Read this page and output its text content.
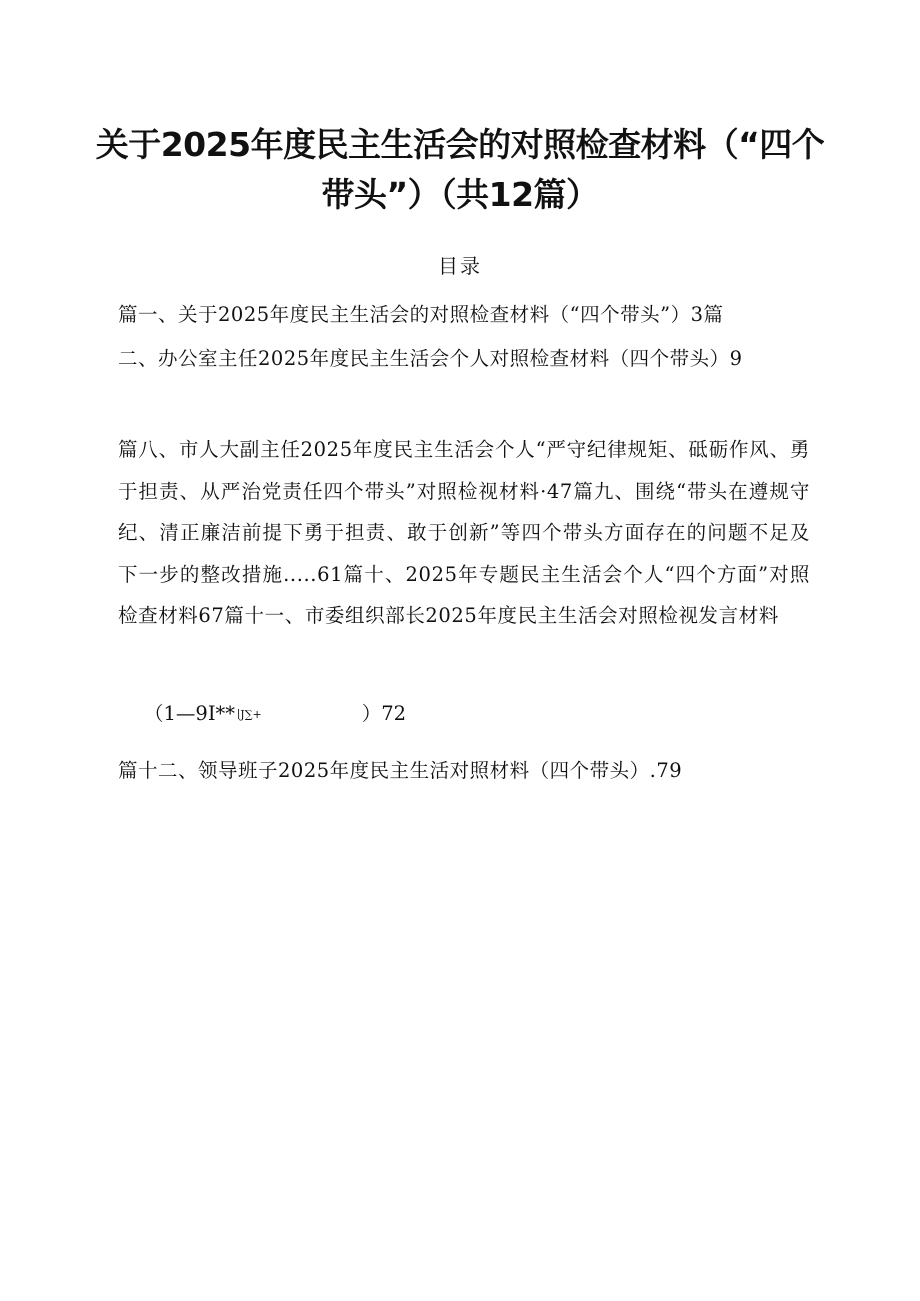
关于2025年度民主生活会的对照检查材料（“四个带头”）（共12篇）
目录
篇一、关于2025年度民主生活会的对照检查材料（“四个带头”）3篇
二、办公室主任2025年度民主生活会个人对照检查材料（四个带头）9
篇八、市人大副主任2025年度民主生活会个人“严守纪律规矩、砥砺作风、勇于担责、从严治党责任四个带头”对照检视材料·47篇九、围绕“带头在遵规守纪、清正廉洁前提下勇于担责、敢于创新”等四个带头方面存在的问题不足及下一步的整改措施.....61篇十、2025年专题民主生活会个人“四个方面”对照检查材料67篇十一、市委组织部长2025年度民主生活会对照检视发言材料
（1—9I** ∣J∑+	）72
篇十二、领导班子2025年度民主生活对照材料（四个带头）.79
